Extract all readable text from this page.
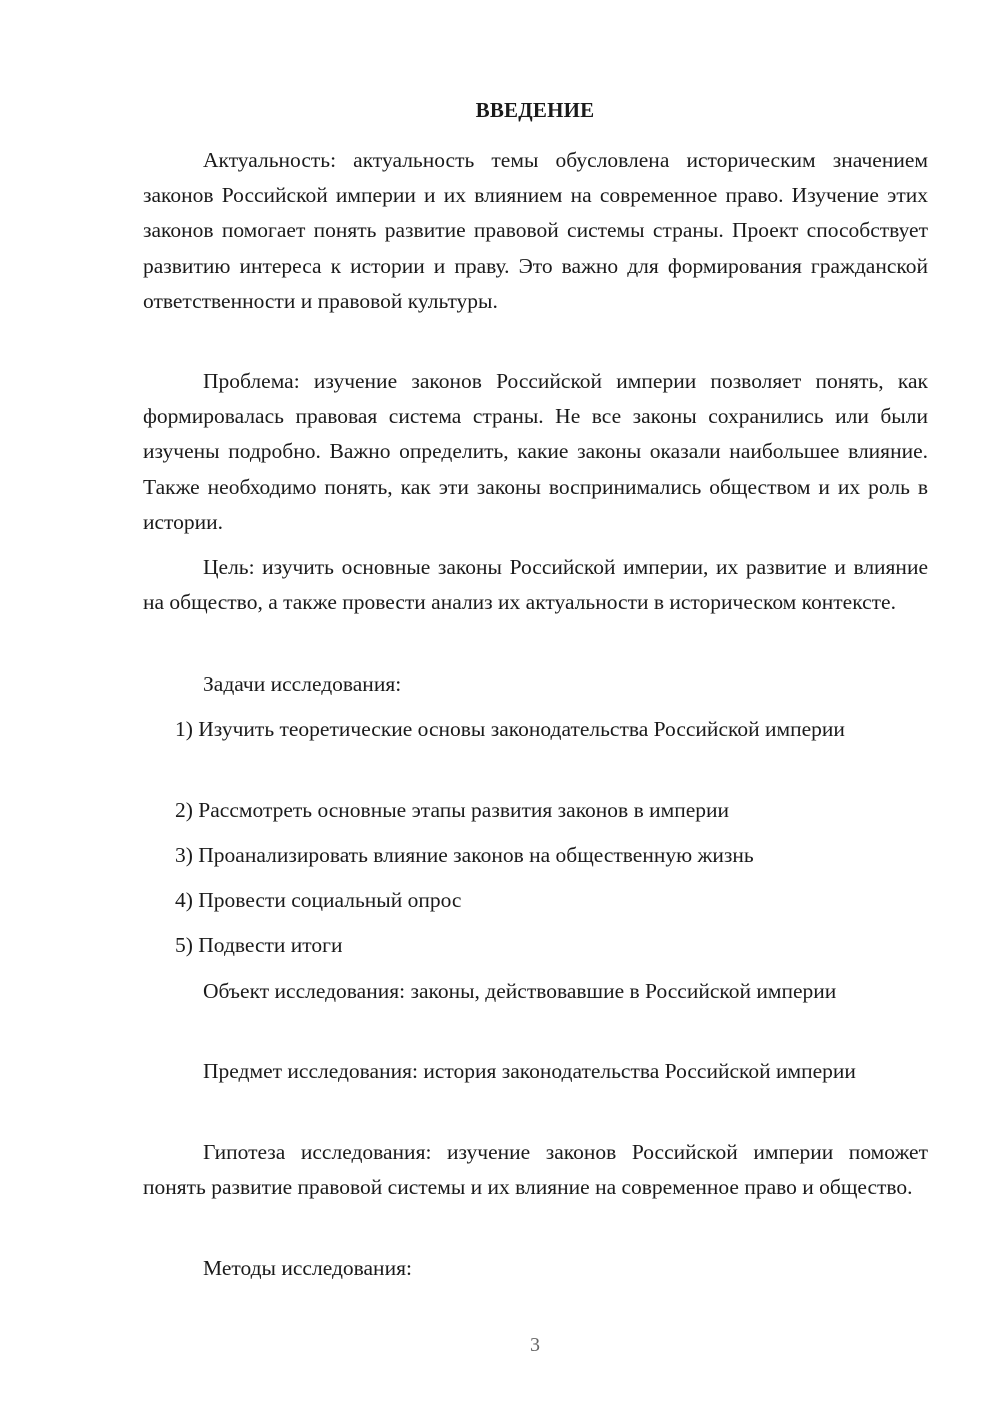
ВВЕДЕНИЕ

Актуальность: актуальность темы обусловлена историческим значением законов Российской империи и их влиянием на современное право. Изучение этих законов помогает понять развитие правовой системы страны. Проект способствует развитию интереса к истории и праву. Это важно для формирования гражданской ответственности и правовой культуры.

Проблема: изучение законов Российской империи позволяет понять, как формировалась правовая система страны. Не все законы сохранились или были изучены подробно. Важно определить, какие законы оказали наибольшее влияние. Также необходимо понять, как эти законы воспринимались обществом и их роль в истории.

Цель: изучить основные законы Российской империи, их развитие и влияние на общество, а также провести анализ их актуальности в историческом контексте.

Задачи исследования:

1) Изучить теоретические основы законодательства Российской империи

2) Рассмотреть основные этапы развития законов в империи

3) Проанализировать влияние законов на общественную жизнь

4) Провести социальный опрос

5) Подвести итоги

Объект исследования: законы, действовавшие в Российской империи

Предмет исследования: история законодательства Российской империи

Гипотеза исследования: изучение законов Российской империи поможет понять развитие правовой системы и их влияние на современное право и общество.

Методы исследования:

3
